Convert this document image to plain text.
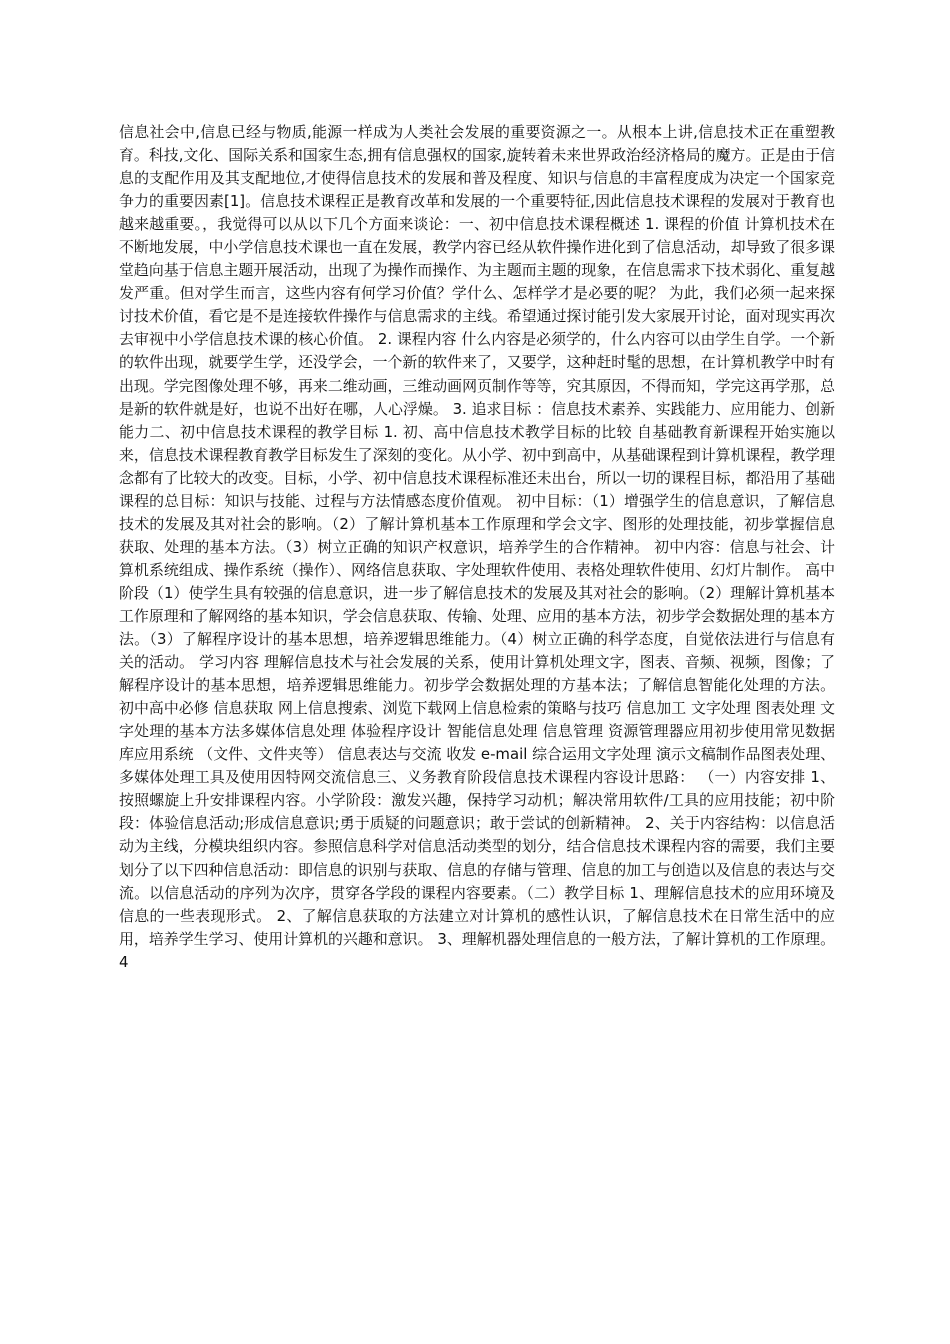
信息社会中,信息已经与物质,能源一样成为人类社会发展的重要资源之一。从根本上讲,信息技术正在重塑教育。科技,文化、国际关系和国家生态,拥有信息强权的国家,旋转着未来世界政治经济格局的魔方。正是由于信息的支配作用及其支配地位,才使得信息技术的发展和普及程度、知识与信息的丰富程度成为决定一个国家竞争力的重要因素[1]。信息技术课程正是教育改革和发展的一个重要特征,因此信息技术课程的发展对于教育也越来越重要。，我觉得可以从以下几个方面来谈论：一、初中信息技术课程概述 1. 课程的价值 计算机技术在不断地发展，中小学信息技术课也一直在发展，教学内容已经从软件操作进化到了信息活动，却导致了很多课堂趋向基于信息主题开展活动，出现了为操作而操作、为主题而主题的现象，在信息需求下技术弱化、重复越发严重。但对学生而言，这些内容有何学习价值？学什么、怎样学才是必要的呢？ 为此，我们必须一起来探讨技术价值，看它是不是连接软件操作与信息需求的主线。希望通过探讨能引发大家展开讨论，面对现实再次去审视中小学信息技术课的核心价值。 2. 课程内容 什么内容是必须学的，什么内容可以由学生自学。一个新的软件出现，就要学生学，还没学会，一个新的软件来了，又要学，这种赶时髦的思想，在计算机教学中时有出现。学完图像处理不够，再来二维动画，三维动画网页制作等等，究其原因，不得而知，学完这再学那，总是新的软件就是好，也说不出好在哪，人心浮燥。 3. 追求目标 ：信息技术素养、实践能力、应用能力、创新能力二、初中信息技术课程的教学目标 1. 初、高中信息技术教学目标的比较 自基础教育新课程开始实施以来，信息技术课程教育教学目标发生了深刻的变化。从小学、初中到高中，从基础课程到计算机课程，教学理念都有了比较大的改变。目标，小学、初中信息技术课程标准还未出台，所以一切的课程目标，都沿用了基础课程的总目标：知识与技能、过程与方法情感态度价值观。 初中目标：（1）增强学生的信息意识，了解信息技术的发展及其对社会的影响。（2）了解计算机基本工作原理和学会文字、图形的处理技能，初步掌握信息获取、处理的基本方法。（3）树立正确的知识产权意识，培养学生的合作精神。 初中内容：信息与社会、计算机系统组成、操作系统（操作）、网络信息获取、字处理软件使用、表格处理软件使用、幻灯片制作。 高中阶段（1）使学生具有较强的信息意识，进一步了解信息技术的发展及其对社会的影响。（2）理解计算机基本工作原理和了解网络的基本知识，学会信息获取、传输、处理、应用的基本方法，初步学会数据处理的基本方法。（3）了解程序设计的基本思想，培养逻辑思维能力。（4）树立正确的科学态度，自觉依法进行与信息有关的活动。 学习内容 理解信息技术与社会发展的关系，使用计算机处理文字，图表、音频、视频，图像；了解程序设计的基本思想，培养逻辑思维能力。初步学会数据处理的方基本法；了解信息智能化处理的方法。 初中高中必修 信息获取 网上信息搜索、浏览下载网上信息检索的策略与技巧 信息加工 文字处理 图表处理 文字处理的基本方法多媒体信息处理 体验程序设计 智能信息处理 信息管理 资源管理器应用初步使用常见数据库应用系统 （文件、文件夹等） 信息表达与交流 收发 e-mail 综合运用文字处理 演示文稿制作品图表处理、多媒体处理工具及使用因特网交流信息三、义务教育阶段信息技术课程内容设计思路： （一）内容安排 1、按照螺旋上升安排课程内容。小学阶段：激发兴趣，保持学习动机；解决常用软件/工具的应用技能；初中阶段：体验信息活动;形成信息意识;勇于质疑的问题意识；敢于尝试的创新精神。 2、关于内容结构：以信息活动为主线，分模块组织内容。参照信息科学对信息活动类型的划分，结合信息技术课程内容的需要，我们主要划分了以下四种信息活动：即信息的识别与获取、信息的存储与管理、信息的加工与创造以及信息的表达与交流。以信息活动的序列为次序，贯穿各学段的课程内容要素。（二）教学目标 1、理解信息技术的应用环境及信息的一些表现形式。 2、了解信息获取的方法建立对计算机的感性认识，了解信息技术在日常生活中的应用，培养学生学习、使用计算机的兴趣和意识。 3、理解机器处理信息的一般方法，了解计算机的工作原理。 4
